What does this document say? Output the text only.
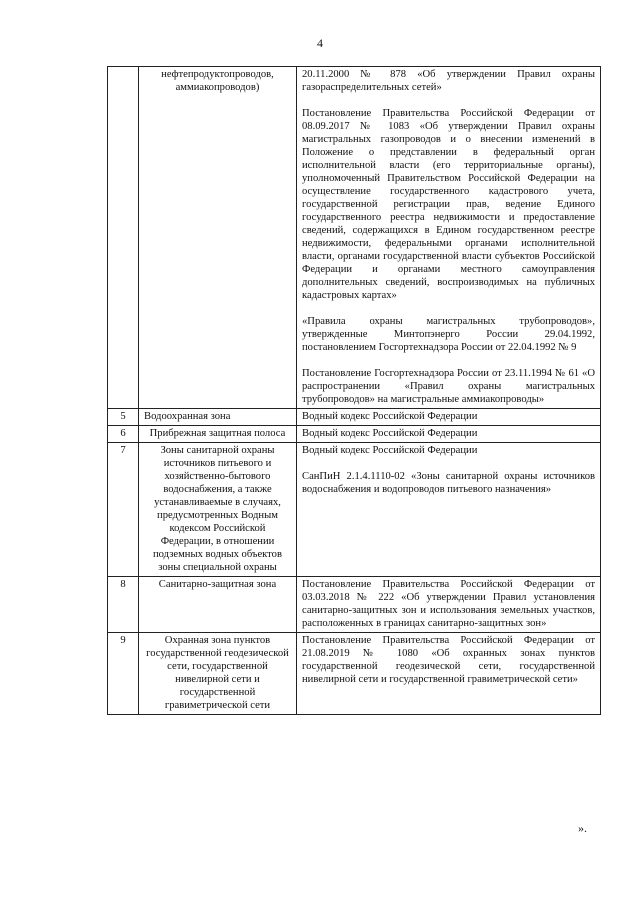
4
	нефтепродуктопроводов, аммиакопроводов)	20.11.2000 № 878 «Об утверждении Правил охраны газораспределительных сетей»

Постановление Правительства Российской Федерации от 08.09.2017 № 1083 «Об утверждении Правил охраны магистральных газопроводов и о внесении изменений в Положение о представлении в федеральный орган исполнительной власти (его территориальные органы), уполномоченный Правительством Российской Федерации на осуществление государственного кадастрового учета, государственной регистрации прав, ведение Единого государственного реестра недвижимости и предоставление сведений, содержащихся в Едином государственном реестре недвижимости, федеральными органами исполнительной власти, органами государственной власти субъектов Российской Федерации и органами местного самоуправления дополнительных сведений, воспроизводимых на публичных кадастровых картах»

«Правила охраны магистральных трубопроводов», утвержденные Минтопэнерго России 29.04.1992, постановлением Госгортехнадзора России от 22.04.1992 № 9

Постановление Госгортехнадзора России от 23.11.1994 № 61 «О распространении «Правил охраны магистральных трубопроводов» на магистральные аммиакопроводы»

5	Водоохранная зона	Водный кодекс Российской Федерации

6	Прибрежная защитная полоса	Водный кодекс Российской Федерации

7	Зоны санитарной охраны источников питьевого и хозяйственно-бытового водоснабжения, а также устанавливаемые в случаях, предусмотренных Водным кодексом Российской Федерации, в отношении подземных водных объектов зоны специальной охраны	Водный кодекс Российской Федерации

СанПиН 2.1.4.1110-02 «Зоны санитарной охраны источников водоснабжения и водопроводов питьевого назначения»

8	Санитарно-защитная зона	Постановление Правительства Российской Федерации от 03.03.2018 № 222 «Об утверждении Правил установления санитарно-защитных зон и использования земельных участков, расположенных в границах санитарно-защитных зон»

9	Охранная зона пунктов государственной геодезической сети, государственной нивелирной сети и государственной гравиметрической сети	Постановление Правительства Российской Федерации от 21.08.2019 № 1080 «Об охранных зонах пунктов государственной геодезической сети, государственной нивелирной сети и государственной гравиметрической сети»

».
